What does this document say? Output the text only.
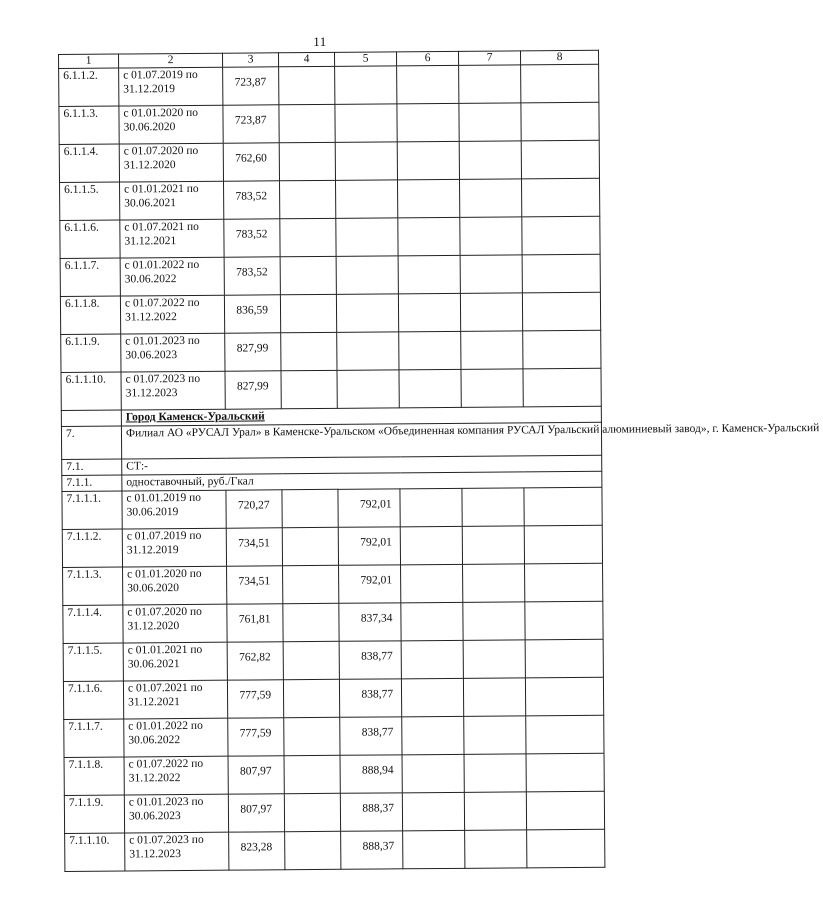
11
1	2	3	4	5	6	7	8
6.1.1.2.	с 01.07.2019 по
31.12.2019	723,87					
6.1.1.3.	с 01.01.2020 по
30.06.2020	723,87					
6.1.1.4.	с 01.07.2020 по
31.12.2020	762,60					
6.1.1.5.	с 01.01.2021 по
30.06.2021	783,52					
6.1.1.6.	с 01.07.2021 по
31.12.2021	783,52					
6.1.1.7.	с 01.01.2022 по
30.06.2022	783,52					
6.1.1.8.	с 01.07.2022 по
31.12.2022	836,59					
6.1.1.9.	с 01.01.2023 по
30.06.2023	827,99					
6.1.1.10.	с 01.07.2023 по
31.12.2023	827,99					
	Город Каменск-Уральский						
7.	Филиал АО «РУСАЛ Урал» в Каменске-Уральском «Объединенная компания РУСАЛ Уральский алюминиевый завод», г. Каменск-Уральский						
7.1.	СТ:-						
7.1.1.	одноставочный, руб./Гкал						
7.1.1.1.	с 01.01.2019 по
30.06.2019	720,27		792,01			
7.1.1.2.	с 01.07.2019 по
31.12.2019	734,51		792,01			
7.1.1.3.	с 01.01.2020 по
30.06.2020	734,51		792,01			
7.1.1.4.	с 01.07.2020 по
31.12.2020	761,81		837,34			
7.1.1.5.	с 01.01.2021 по
30.06.2021	762,82		838,77			
7.1.1.6.	с 01.07.2021 по
31.12.2021	777,59		838,77			
7.1.1.7.	с 01.01.2022 по
30.06.2022	777,59		838,77			
7.1.1.8.	с 01.07.2022 по
31.12.2022	807,97		888,94			
7.1.1.9.	с 01.01.2023 по
30.06.2023	807,97		888,37			
7.1.1.10.	с 01.07.2023 по
31.12.2023	823,28		888,37			
